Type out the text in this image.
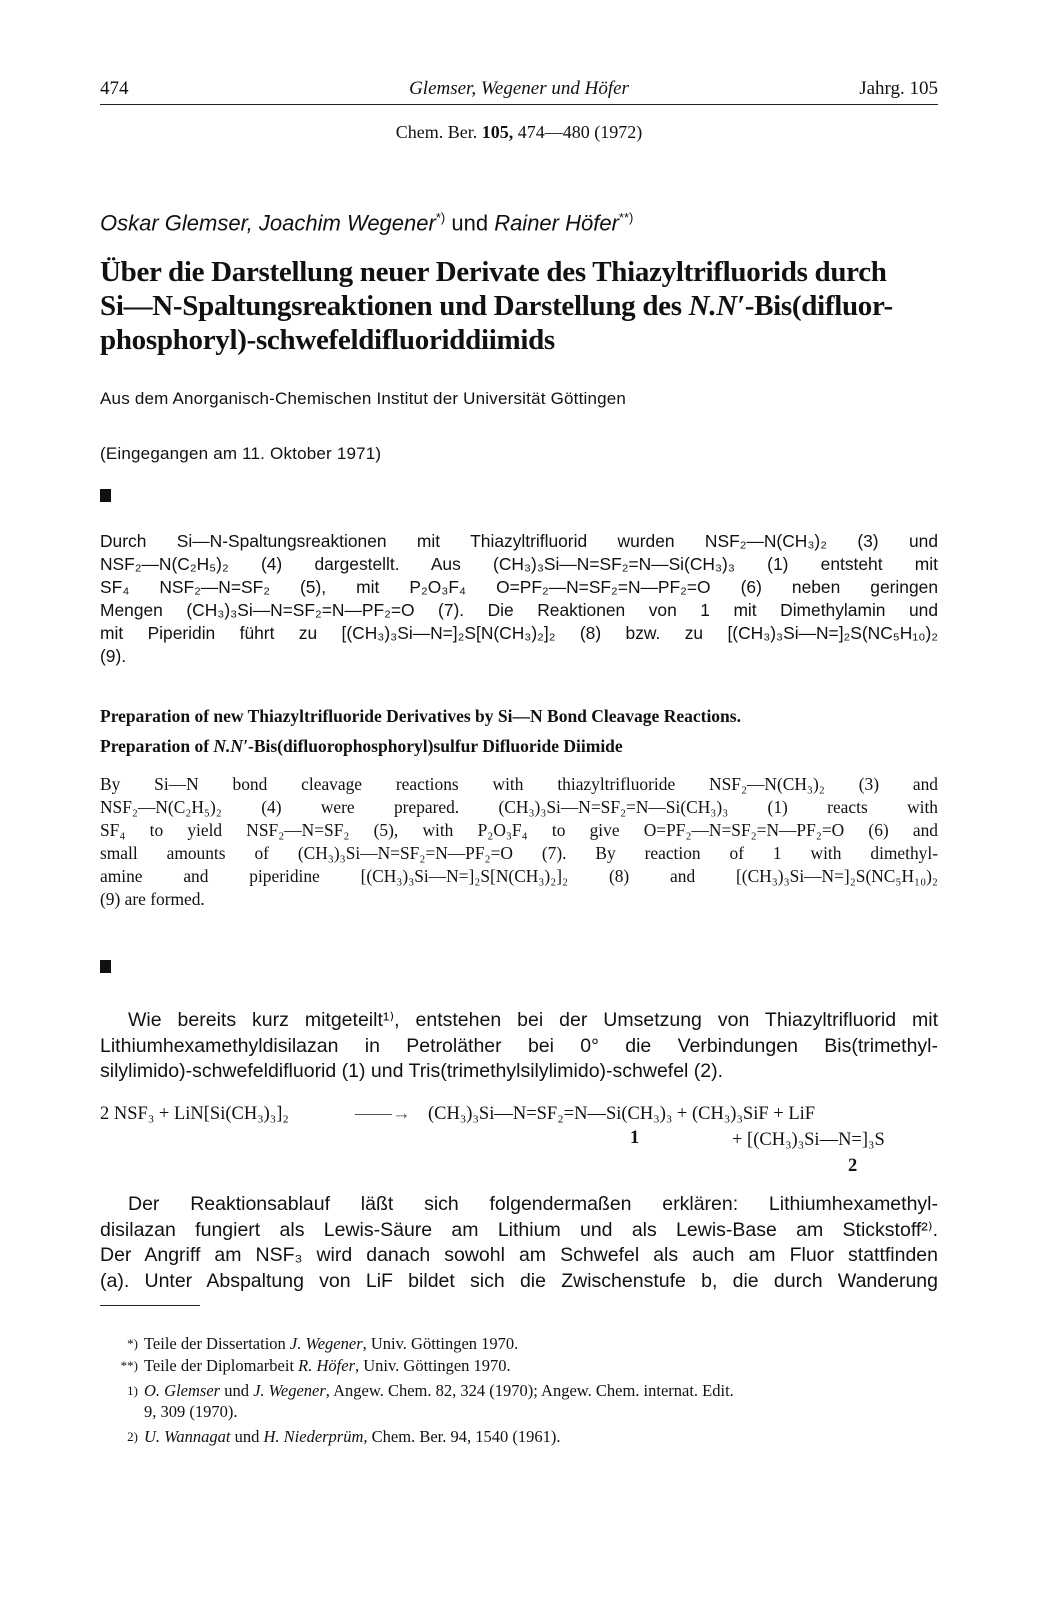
474	Glemser, Wegener und Höfer	Jahrg. 105
Chem. Ber. 105, 474—480 (1972)
Oskar Glemser, Joachim Wegener*) und Rainer Höfer**)
Über die Darstellung neuer Derivate des Thiazyltrifluorids durch
Si—N-Spaltungsreaktionen und Darstellung des N.N′-Bis(difluor-
phosphoryl)-schwefeldifluoriddiimids
Aus dem Anorganisch-Chemischen Institut der Universität Göttingen
(Eingegangen am 11. Oktober 1971)
Durch Si—N-Spaltungsreaktionen mit Thiazyltrifluorid wurden NSF₂—N(CH₃)₂ (3) und
NSF₂—N(C₂H₅)₂ (4) dargestellt. Aus (CH₃)₃Si—N=SF₂=N—Si(CH₃)₃ (1) entsteht mit
SF₄ NSF₂—N=SF₂ (5), mit P₂O₃F₄ O=PF₂—N=SF₂=N—PF₂=O (6) neben geringen
Mengen (CH₃)₃Si—N=SF₂=N—PF₂=O (7). Die Reaktionen von 1 mit Dimethylamin und
mit Piperidin führt zu [(CH₃)₃Si—N=]₂S[N(CH₃)₂]₂ (8) bzw. zu [(CH₃)₃Si—N=]₂S(NC₅H₁₀)₂
(9).
Preparation of new Thiazyltrifluoride Derivatives by Si—N Bond Cleavage Reactions.
Preparation of N.N′-Bis(difluorophosphoryl)sulfur Difluoride Diimide
By Si—N bond cleavage reactions with thiazyltrifluoride NSF₂—N(CH₃)₂ (3) and
NSF₂—N(C₂H₅)₂ (4) were prepared. (CH₃)₃Si—N=SF₂=N—Si(CH₃)₃ (1) reacts with
SF₄ to yield NSF₂—N=SF₂ (5), with P₂O₃F₄ to give O=PF₂—N=SF₂=N—PF₂=O (6) and
small amounts of (CH₃)₃Si—N=SF₂=N—PF₂=O (7). By reaction of 1 with dimethyl-
amine and piperidine [(CH₃)₃Si—N=]₂S[N(CH₃)₂]₂ (8) and [(CH₃)₃Si—N=]₂S(NC₅H₁₀)₂
(9) are formed.
Wie bereits kurz mitgeteilt¹⁾, entstehen bei der Umsetzung von Thiazyltrifluorid mit
Lithiumhexamethyldisilazan in Petroläther bei 0° die Verbindungen Bis(trimethyl-
silylimido)-schwefeldifluorid (1) und Tris(trimethylsilylimido)-schwefel (2).
2 NSF₃ + LiN[Si(CH₃)₃]₂	——→ (CH₃)₃Si—N=SF₂=N—Si(CH₃)₃ + (CH₃)₃SiF + LiF
1	+ [(CH₃)₃Si—N=]₃S
2
Der Reaktionsablauf läßt sich folgendermaßen erklären: Lithiumhexamethyl-
disilazan fungiert als Lewis-Säure am Lithium und als Lewis-Base am Stickstoff²⁾.
Der Angriff am NSF₃ wird danach sowohl am Schwefel als auch am Fluor stattfinden
(a). Unter Abspaltung von LiF bildet sich die Zwischenstufe b, die durch Wanderung
*) Teile der Dissertation J. Wegener, Univ. Göttingen 1970.
**) Teile der Diplomarbeit R. Höfer, Univ. Göttingen 1970.
1) O. Glemser und J. Wegener, Angew. Chem. 82, 324 (1970); Angew. Chem. internat. Edit.
9, 309 (1970).
2) U. Wannagat und H. Niederprüm, Chem. Ber. 94, 1540 (1961).
